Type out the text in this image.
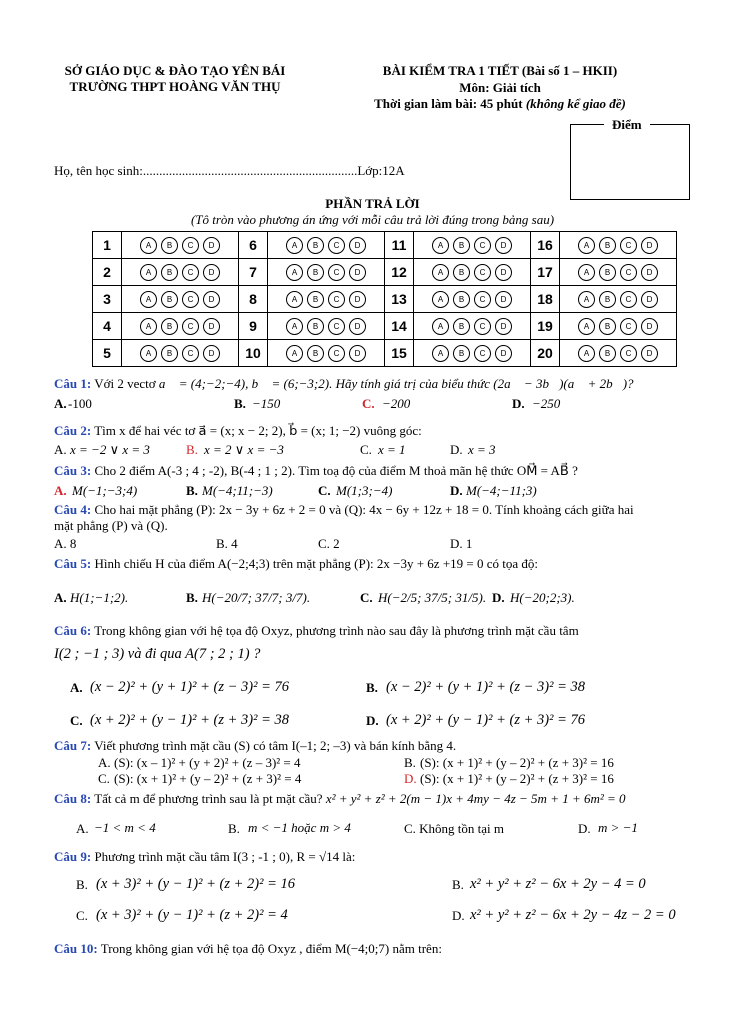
SỞ GIÁO DỤC & ĐÀO TẠO YÊN BÁI
TRƯỜNG THPT HOÀNG VĂN THỤ
BÀI KIỂM TRA 1 TIẾT (Bài số 1 – HKII)
Môn: Giải tích
Thời gian làm bài: 45 phút (không kể giao đề)
Điểm
Họ, tên học sinh:..................................................................Lớp:12A
PHẦN TRẢ LỜI
(Tô tròn vào phương án ứng với mỗi câu trả lời đúng trong bảng sau)
1	A B C D	6	A B C D	11	A B C D	16	A B C D
2	A B C D	7	A B C D	12	A B C D	17	A B C D
3	A B C D	8	A B C D	13	A B C D	18	A B C D
4	A B C D	9	A B C D	14	A B C D	19	A B C D
5	A B C D	10	A B C D	15	A B C D	20	A B C D
Câu 1: Với 2 vectơ a⃗ = (4;−2;−4), b⃗ = (6;−3;2). Hãy tính giá trị của biểu thức (2a⃗ − 3b⃗)(a⃗ + 2b⃗)?
A. -100	B. −150	C. −200	D. −250
Câu 2: Tìm x để hai véc tơ a⃗ = (x; x − 2; 2), b⃗ = (x; 1; −2) vuông góc:
A. x = −2 ∨ x = 3	B. x = 2 ∨ x = −3	C. x = 1	D. x = 3
Câu 3: Cho 2 điểm A(-3 ; 4 ; -2), B(-4 ; 1 ; 2). Tìm toạ độ của điểm M thoả mãn hệ thức OM⃗ = AB⃗ ?
A. M(−1;−3;4)	B. M(−4;11;−3)	C. M(1;3;−4)	D. M(−4;−11;3)
Câu 4: Cho hai mặt phẳng (P): 2x − 3y + 6z + 2 = 0 và (Q): 4x − 6y + 12z + 18 = 0. Tính khoảng cách giữa hai
mặt phẳng (P) và (Q).
A. 8	B. 4	C. 2	D. 1
Câu 5: Hình chiếu H của điểm A(−2;4;3) trên mặt phẳng (P): 2x −3y + 6z +19 = 0 có tọa độ:
A. H(1;−1;2).	B. H(−20/7; 37/7; 3/7).	C. H(−2/5; 37/5; 31/5). D. H(−20;2;3).
Câu 6: Trong không gian với hệ tọa độ Oxyz, phương trình nào sau đây là phương trình mặt cầu tâm
I(2 ; −1 ; 3) và đi qua A(7 ; 2 ; 1) ?
A. (x − 2)² + (y + 1)² + (z − 3)² = 76	B. (x − 2)² + (y + 1)² + (z − 3)² = 38
C. (x + 2)² + (y − 1)² + (z + 3)² = 38	D. (x + 2)² + (y − 1)² + (z + 3)² = 76
Câu 7: Viết phương trình mặt cầu (S) có tâm I(–1; 2; –3) và bán kính bằng 4.
A. (S): (x – 1)² + (y + 2)² + (z – 3)² = 4	B. (S): (x + 1)² + (y – 2)² + (z + 3)² = 16
C. (S): (x + 1)² + (y – 2)² + (z + 3)² = 4	D. (S): (x + 1)² + (y – 2)² + (z + 3)² = 16
Câu 8: Tất cả m để phương trình sau là pt mặt cầu? x² + y² + z² + 2(m − 1)x + 4my − 4z − 5m + 1 + 6m² = 0
A. −1 < m < 4	B. m < −1 hoặc m > 4	C. Không tồn tại m	D. m > −1
Câu 9: Phương trình mặt cầu tâm I(3 ; -1 ; 0), R = √14 là:
B. (x + 3)² + (y − 1)² + (z + 2)² = 16	B. x² + y² + z² − 6x + 2y − 4 = 0
C. (x + 3)² + (y − 1)² + (z + 2)² = 4	D. x² + y² + z² − 6x + 2y − 4z − 2 = 0
Câu 10: Trong không gian với hệ tọa độ Oxyz , điểm M(−4;0;7) nằm trên:
